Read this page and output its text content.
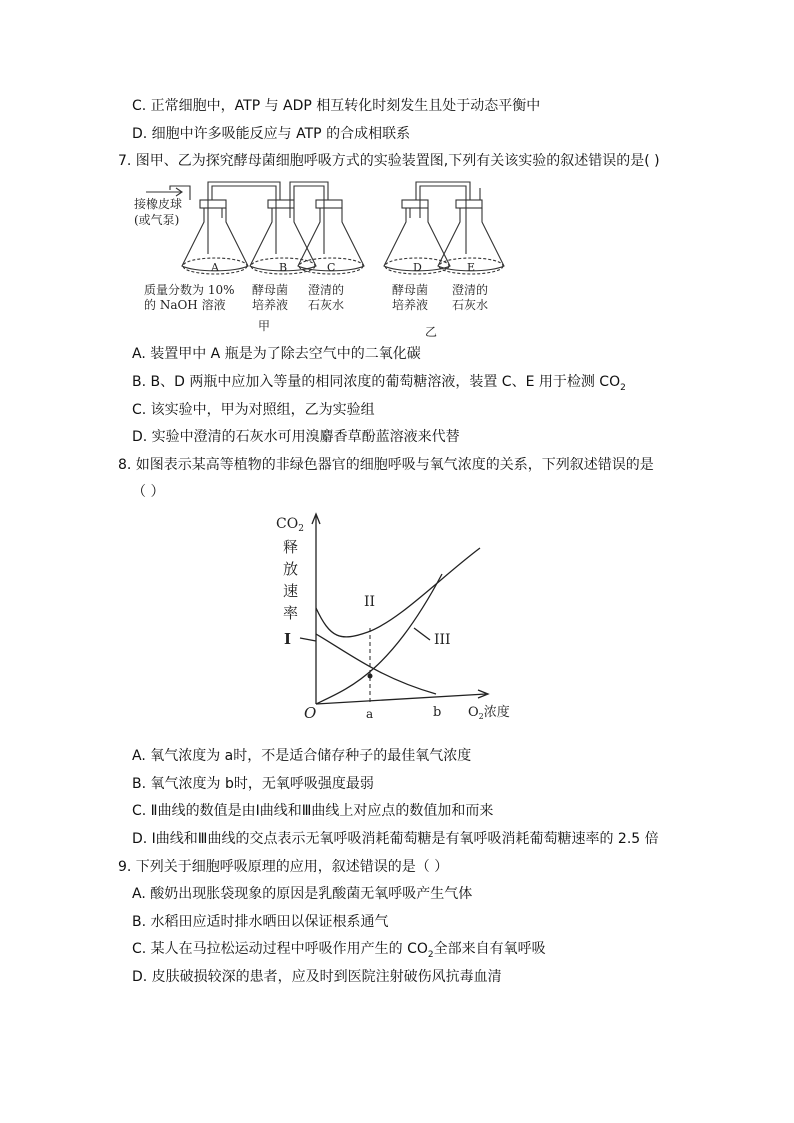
C. 正常细胞中，ATP 与 ADP 相互转化时刻发生且处于动态平衡中
D. 细胞中许多吸能反应与 ATP 的合成相联系
7. 图甲、乙为探究酵母菌细胞呼吸方式的实验装置图,下列有关该实验的叙述错误的是( )
接橡皮球
(或气泵)
A	B	C	D	E
质量分数为 10%
的 NaOH 溶液
酵母菌
培养液
澄清的
石灰水
酵母菌
培养液
澄清的
石灰水
甲	乙
A. 装置甲中 A 瓶是为了除去空气中的二氧化碳
B. B、D 两瓶中应加入等量的相同浓度的葡萄糖溶液，装置 C、E 用于检测 $CO_2$
C. 该实验中，甲为对照组，乙为实验组
D. 实验中澄清的石灰水可用溴麝香草酚蓝溶液来代替
8. 如图表示某高等植物的非绿色器官的细胞呼吸与氧气浓度的关系，下列叙述错误的是
（ ）
$CO_2$
释
放
速
率
I
II
III
O	a	b $O_2$浓度
A. 氧气浓度为 a时，不是适合储存种子的最佳氧气浓度
B. 氧气浓度为 b时，无氧呼吸强度最弱
C. Ⅱ曲线的数值是由Ⅰ曲线和Ⅲ曲线上对应点的数值加和而来
D. Ⅰ曲线和Ⅲ曲线的交点表示无氧呼吸消耗葡萄糖是有氧呼吸消耗葡萄糖速率的 2.5 倍
9. 下列关于细胞呼吸原理的应用，叙述错误的是（ ）
A. 酸奶出现胀袋现象的原因是乳酸菌无氧呼吸产生气体
B. 水稻田应适时排水晒田以保证根系通气
C. 某人在马拉松运动过程中呼吸作用产生的 $CO_2$全部来自有氧呼吸
D. 皮肤破损较深的患者，应及时到医院注射破伤风抗毒血清
